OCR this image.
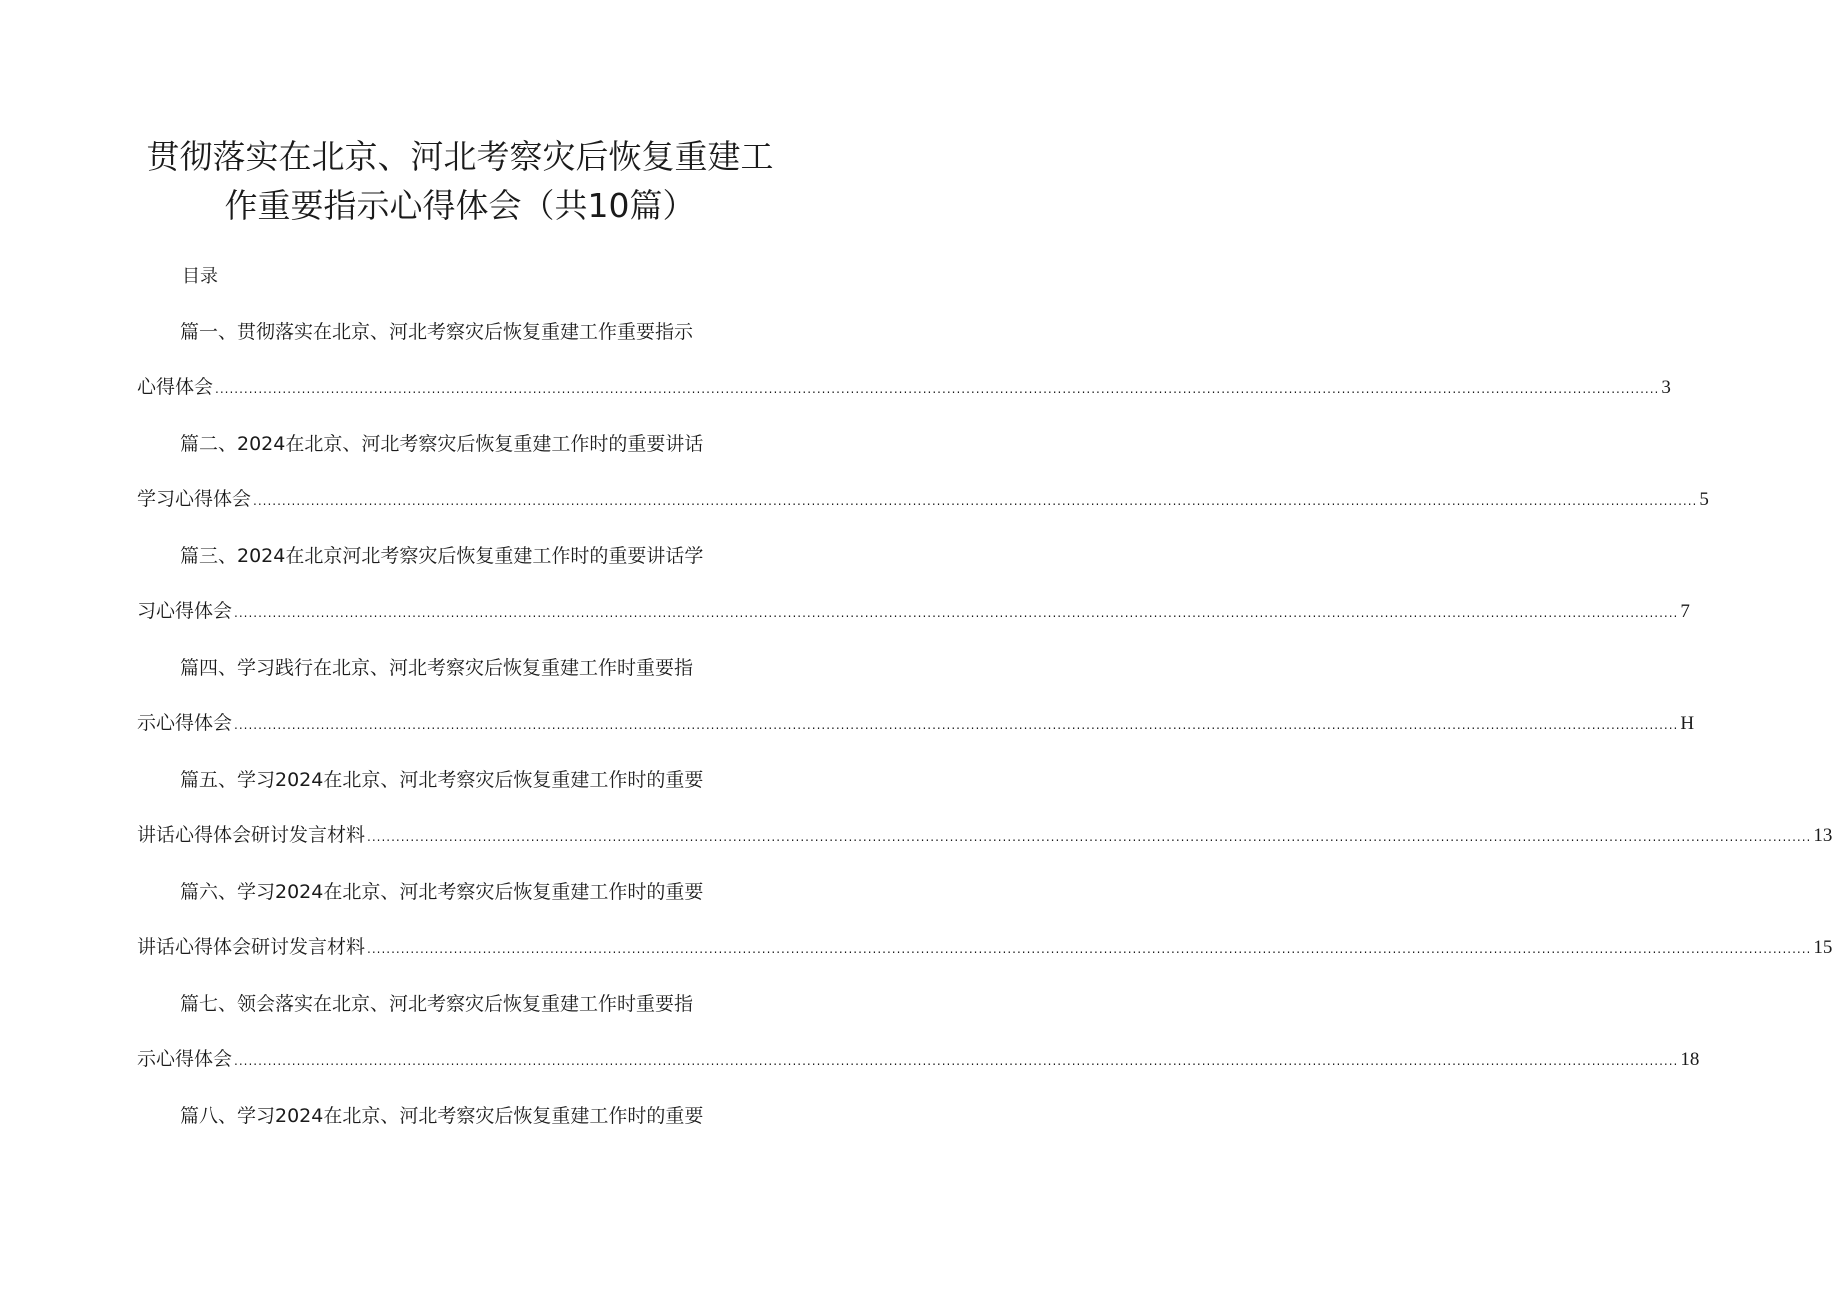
贯彻落实在北京、河北考察灾后恢复重建工
作重要指示心得体会（共10篇）
目录
篇一、贯彻落实在北京、河北考察灾后恢复重建工作重要指示
心得体会 ............................................................................................................................................................................................................................................................................................................ 3
篇二、2024在北京、河北考察灾后恢复重建工作时的重要讲话
学习心得体会 ............................................................................................................................................................................................................................................................................................................ 5
篇三、2024在北京河北考察灾后恢复重建工作时的重要讲话学
习心得体会 ............................................................................................................................................................................................................................................................................................................ 7
篇四、学习践行在北京、河北考察灾后恢复重建工作时重要指
示心得体会 ............................................................................................................................................................................................................................................................................................................ H
篇五、学习2024在北京、河北考察灾后恢复重建工作时的重要
讲话心得体会研讨发言材料 ............................................................................................................................................................................................................................................................................................................ 13
篇六、学习2024在北京、河北考察灾后恢复重建工作时的重要
讲话心得体会研讨发言材料 ............................................................................................................................................................................................................................................................................................................ 15
篇七、领会落实在北京、河北考察灾后恢复重建工作时重要指
示心得体会 ............................................................................................................................................................................................................................................................................................................ 18
篇八、学习2024在北京、河北考察灾后恢复重建工作时的重要
